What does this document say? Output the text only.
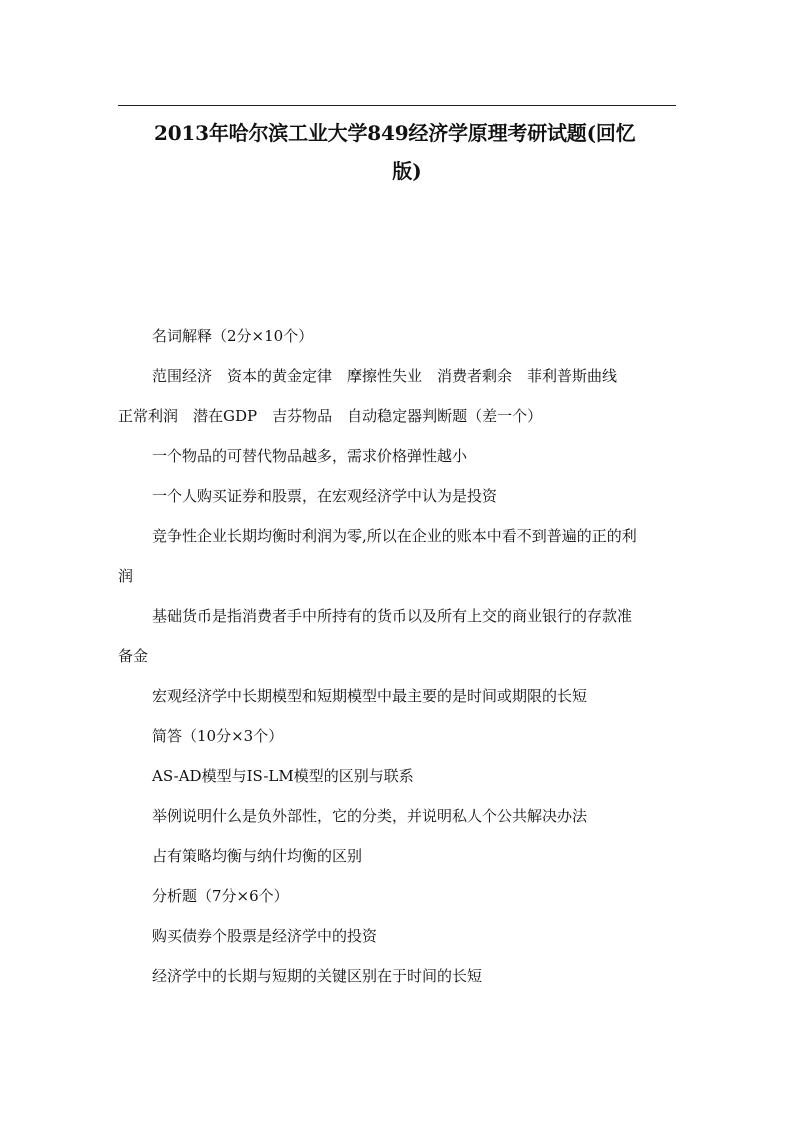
2013年哈尔滨工业大学849经济学原理考研试题(回忆
版)

名词解释（2分×10个）

范围经济　资本的黄金定律　摩擦性失业　消费者剩余　菲利普斯曲线

正常利润　潜在GDP　吉芬物品　自动稳定器判断题（差一个）

一个物品的可替代物品越多，需求价格弹性越小

一个人购买证券和股票，在宏观经济学中认为是投资

竞争性企业长期均衡时利润为零,所以在企业的账本中看不到普遍的正的利

润

基础货币是指消费者手中所持有的货币以及所有上交的商业银行的存款准

备金

宏观经济学中长期模型和短期模型中最主要的是时间或期限的长短

简答（10分×3个）

AS-AD模型与IS-LM模型的区别与联系

举例说明什么是负外部性，它的分类，并说明私人个公共解决办法

占有策略均衡与纳什均衡的区别

分析题（7分×6个）

购买债券个股票是经济学中的投资

经济学中的长期与短期的关键区别在于时间的长短
